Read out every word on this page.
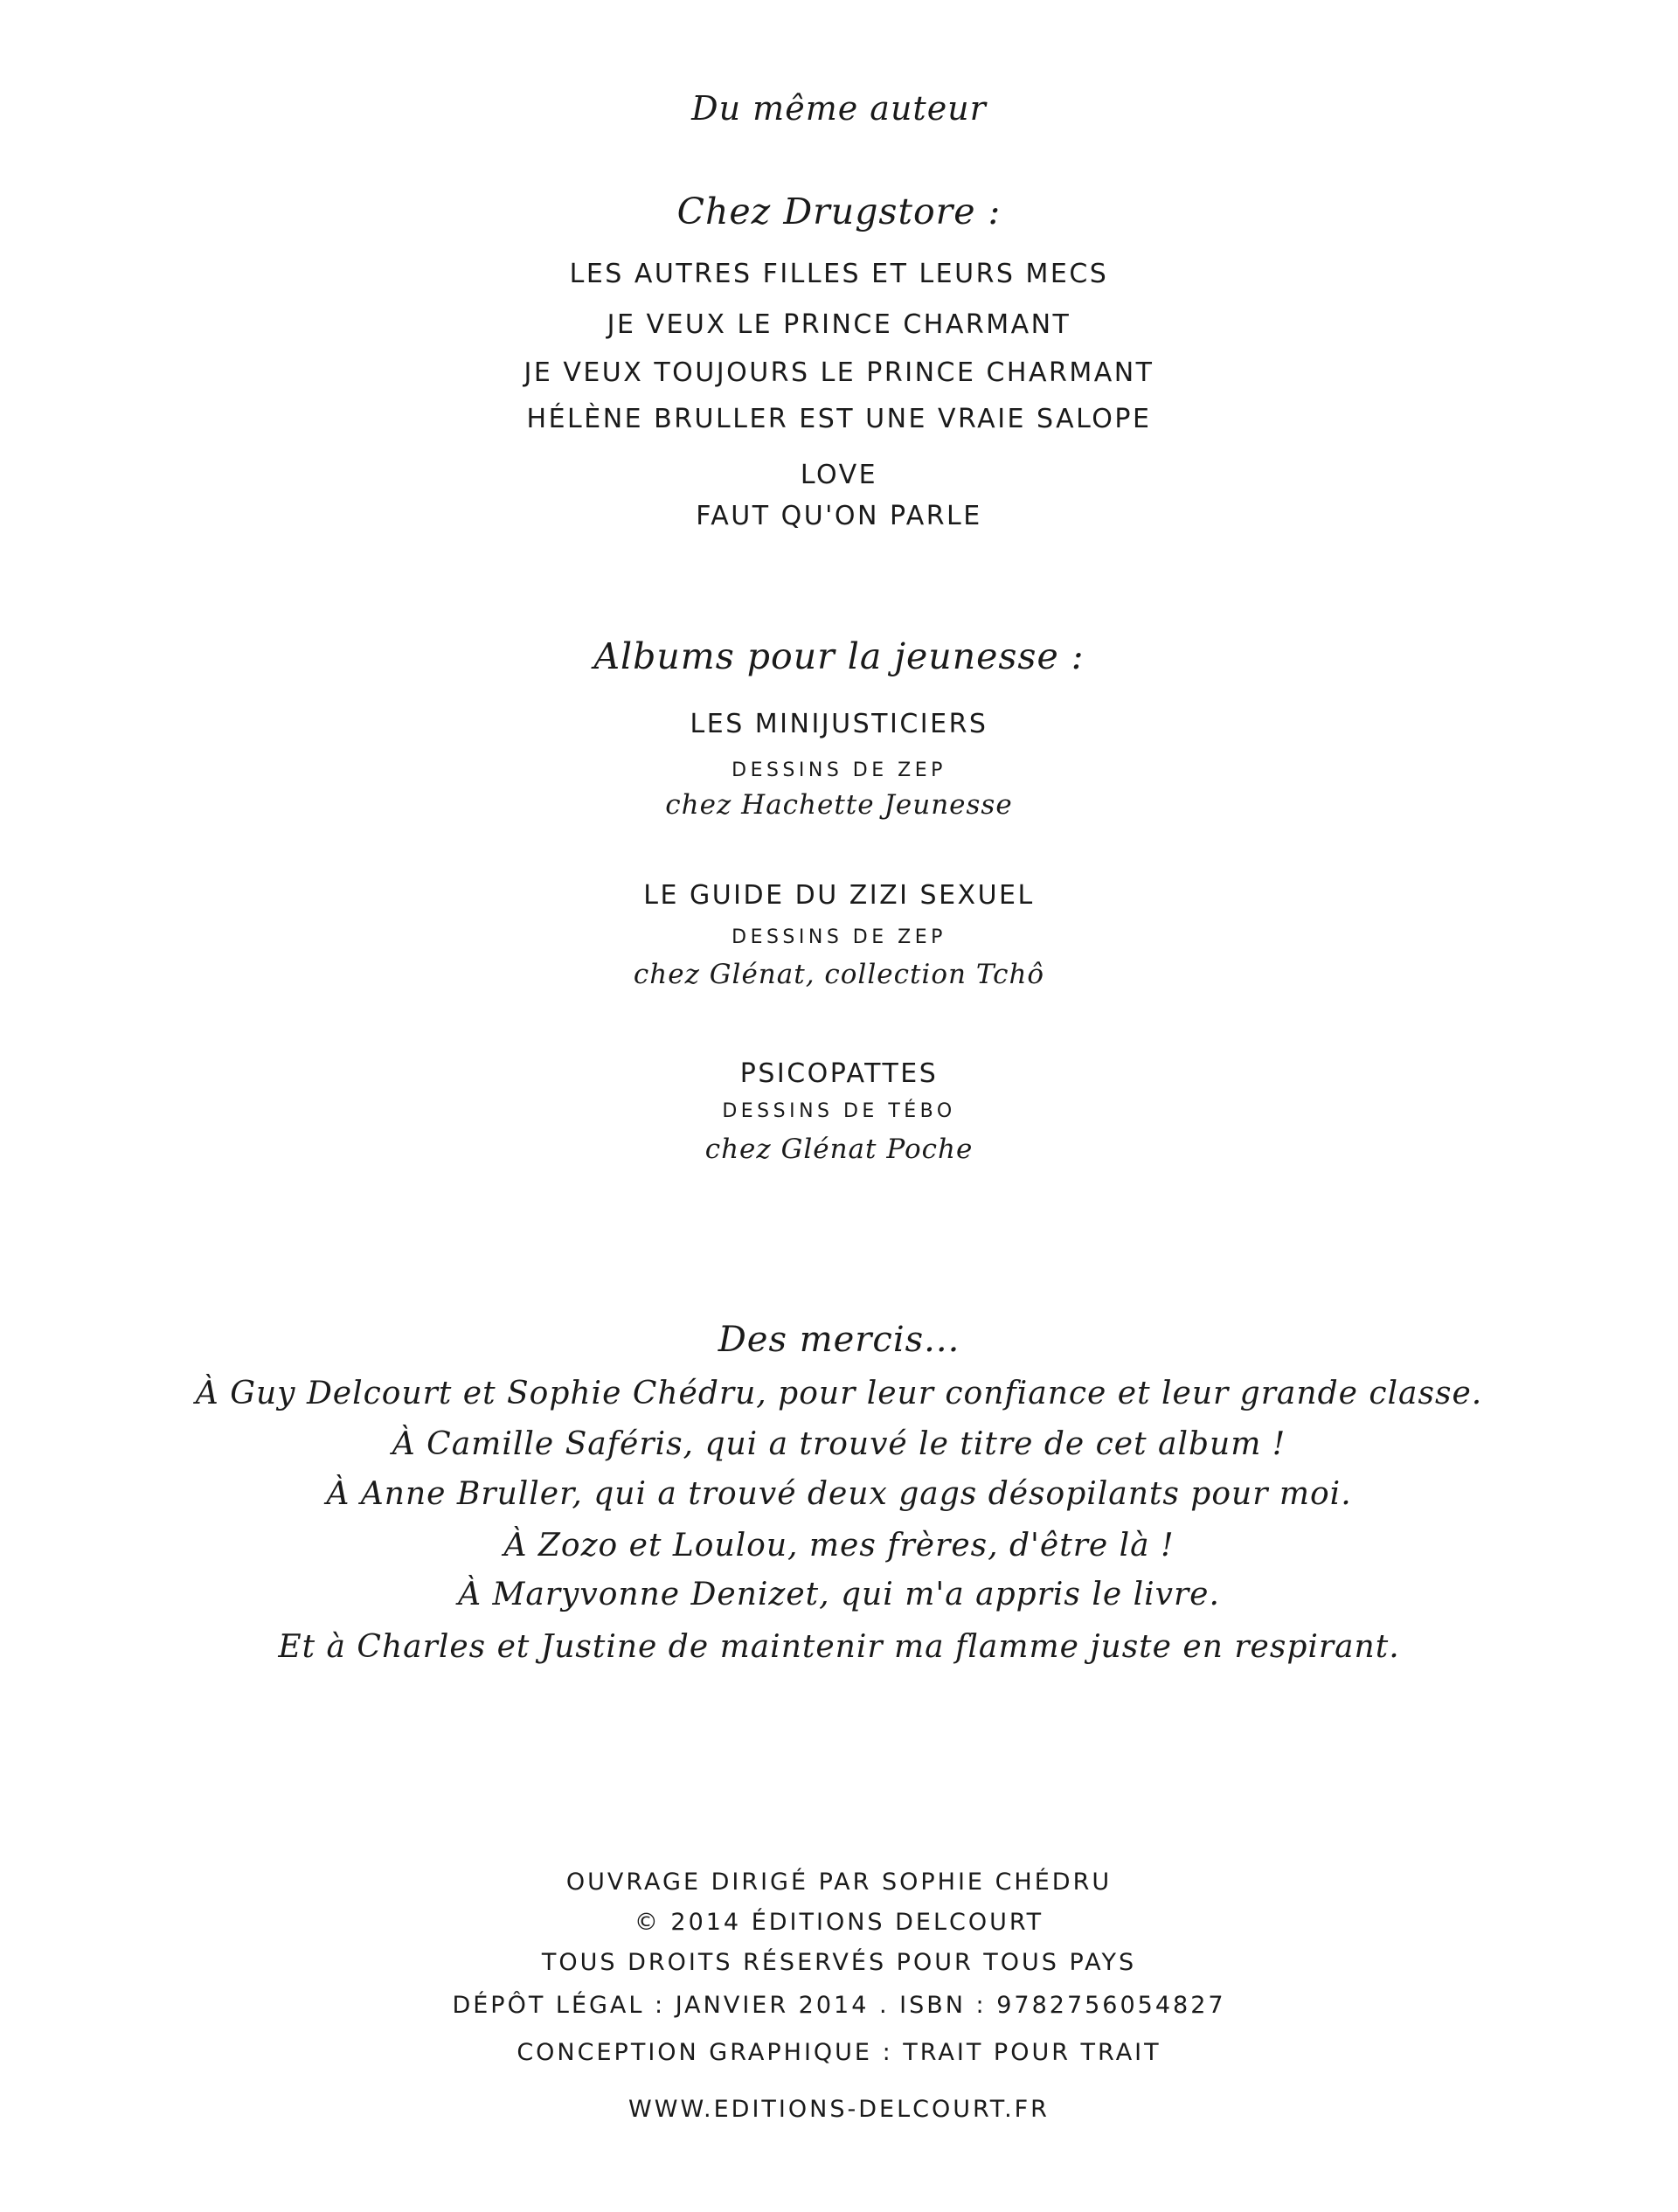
Du même auteur
Chez Drugstore :
LES AUTRES FILLES ET LEURS MECS
JE VEUX LE PRINCE CHARMANT
JE VEUX TOUJOURS LE PRINCE CHARMANT
HÉLÈNE BRULLER EST UNE VRAIE SALOPE
LOVE
FAUT QU'ON PARLE
Albums pour la jeunesse :
LES MINIJUSTICIERS
DESSINS DE ZEP
chez Hachette Jeunesse
LE GUIDE DU ZIZI SEXUEL
DESSINS DE ZEP
chez Glénat, collection Tchô
PSICOPATTES
DESSINS DE TÉBO
chez Glénat Poche
Des mercis...
À Guy Delcourt et Sophie Chédru, pour leur confiance et leur grande classe.
À Camille Saféris, qui a trouvé le titre de cet album !
À Anne Bruller, qui a trouvé deux gags désopilants pour moi.
À Zozo et Loulou, mes frères, d'être là !
À Maryvonne Denizet, qui m'a appris le livre.
Et à Charles et Justine de maintenir ma flamme juste en respirant.
OUVRAGE DIRIGÉ PAR SOPHIE CHÉDRU
© 2014 ÉDITIONS DELCOURT
TOUS DROITS RÉSERVÉS POUR TOUS PAYS
DÉPÔT LÉGAL : JANVIER 2014 . ISBN : 9782756054827
CONCEPTION GRAPHIQUE : TRAIT POUR TRAIT
WWW.EDITIONS-DELCOURT.FR
